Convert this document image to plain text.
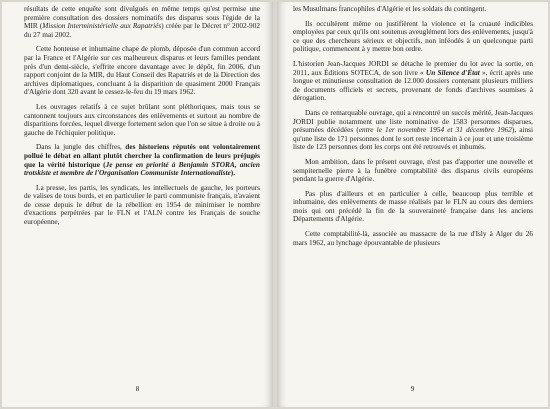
résultats de cette enquête sont divulgués en même temps qu'est permise une première consultation des dossiers nominatifs des disparus sous l'égide de la MIR (Mission Interministérielle aux Rapatriés) créée par le Décret n° 2002-902 du 27 mai 2002.

Cette honteuse et inhumaine chape de plomb, déposée d'un commun accord par la France et l'Algérie sur ces malheureux disparus et leurs familles pendant près d'un demi-siècle, s'effrite encore davantage avec le dépôt, fin 2006, d'un rapport conjoint de la MIR, du Haut Conseil des Rapatriés et de la Direction des archives diplomatiques, concluant à la disparition de quasiment 2000 Français d'Algérie dont 320 avant le cessez-le-feu du 19 mars 1962.

Les ouvrages relatifs à ce sujet brûlant sont pléthoriques, mais tous se cantonnent toujours aux circonstances des enlèvements et surtout au nombre de disparitions forcées, lequel diverge fortement selon que l'on se situe à droite ou à gauche de l'échiquier politique.

Dans la jungle des chiffres, des historiens réputés ont volontairement pollué le débat en allant plutôt chercher la confirmation de leurs préjugés que la vérité historique (Je pense en priorité à Benjamin STORA, ancien trotskiste et membre de l'Organisation Communiste Internationaliste).

La presse, les partis, les syndicats, les intellectuels de gauche, les porteurs de valises de tous bords, et en particulier le parti communiste français, n'avaient de cesse depuis le début de la rébellion en 1954 de minimiser le nombre d'exactions perpétrées par le FLN et l'ALN contre les Français de souche européenne,

8

les Musulmans francophiles d'Algérie et les soldats du contingent.

Ils occultèrent même ou justifièrent la violence et la cruauté indicibles employées par ceux qu'ils ont soutenus aveuglément lors des enlèvements, jusqu'à ce que des chercheurs sérieux et objectifs, non inféodés à un quelconque parti politique, commencent à y mettre bon ordre.

L'historien Jean-Jacques JORDI se détache le premier du lot avec la sortie, en 2011, aux Éditions SOTECA, de son livre « Un Silence d'État », écrit après une longue et minutieuse consultation de 12.000 dossiers contenant plusieurs milliers de documents officiels et secrets, provenant de fonds d'archives soumises à dérogation.

Dans ce remarquable ouvrage, qui a rencontré un succès mérité, Jean-Jacques JORDI publie notamment une liste nominative de 1583 personnes disparues, présumées décédées (entre le 1er novembre 1954 et 31 décembre 1962), ainsi qu'une liste de 171 personnes dont le sort reste incertain à ce jour et une troisième liste de 123 personnes dont les corps ont été retrouvés et inhumés.

Mon ambition, dans le présent ouvrage, n'est pas d'apporter une nouvelle et sempiternelle pierre à la funèbre comptabilité des disparus civils européens pendant la guerre d'Algérie.

Pas plus d'ailleurs et en particulier à celle, beaucoup plus terrible et inhumaine, des enlèvements de masse réalisés par le FLN au cours des derniers mois qui ont précédé la fin de la souveraineté française dans les anciens Départements d'Algérie.

Cette comptabilité-là, associée au massacre de la rue d'Isly à Alger du 26 mars 1962, au lynchage épouvantable de plusieurs

9
